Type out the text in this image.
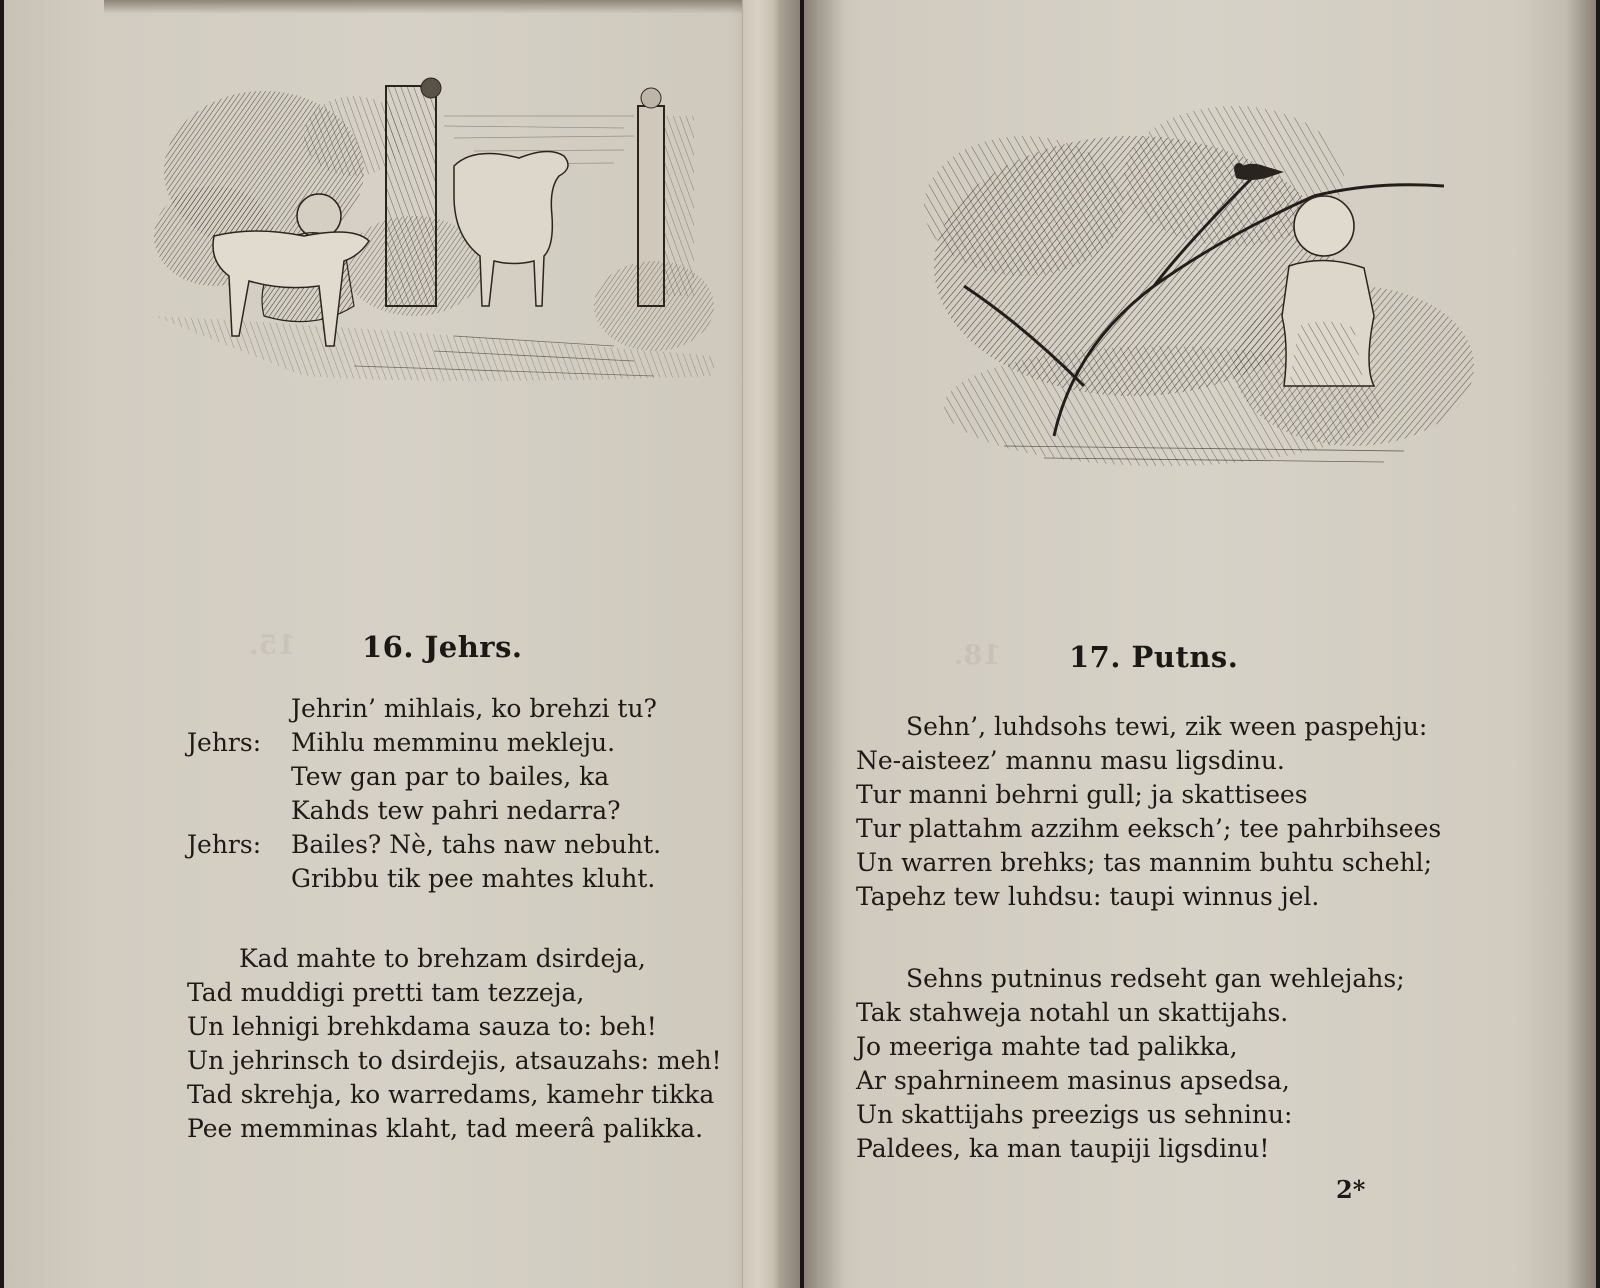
16. Jehrs.
15.
Jehrin’ mihlais, ko brehzi tu?
Jehrs: Mihlu memminu mekleju.
Tew gan par to bailes, ka
Kahds tew pahri nedarra?
Jehrs: Bailes? Nè, tahs naw nebuht.
Gribbu tik pee mahtes kluht.
Kad mahte to brehzam dsirdeja,
Tad muddigi pretti tam tezzeja,
Un lehnigi brehkdama sauza to: beh!
Un jehrinsch to dsirdejis, atsauzahs: meh!
Tad skrehja, ko warredams, kamehr tikka
Pee memminas klaht, tad meerâ palikka.
17. Putns.
18.
Sehn’, luhdsohs tewi, zik ween paspehju:
Ne-aisteez’ mannu masu ligsdinu.
Tur manni behrni gull; ja skattisees
Tur plattahm azzihm eeksch’; tee pahrbihsees
Un warren brehks; tas mannim buhtu schehl;
Tapehz tew luhdsu: taupi winnus jel.
Sehns putninus redseht gan wehlejahs;
Tak stahweja notahl un skattijahs.
Jo meeriga mahte tad palikka,
Ar spahrnineem masinus apsedsa,
Un skattijahs preezigs us sehninu:
Paldees, ka man taupiji ligsdinu!
2*
